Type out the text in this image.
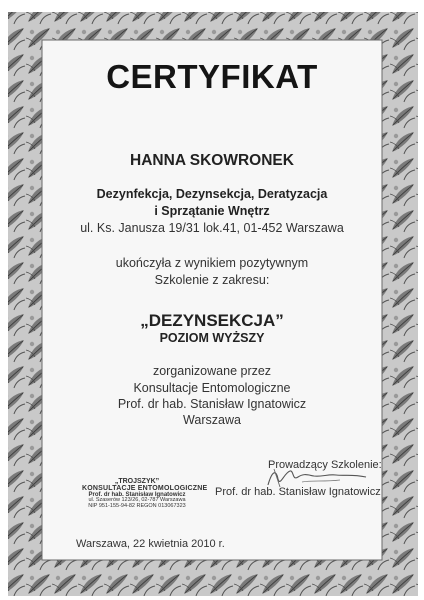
CERTYFIKAT
HANNA SKOWRONEK
Dezynfekcja, Dezynsekcja, Deratyzacja
i Sprzątanie Wnętrz
ul. Ks. Janusza 19/31 lok.41, 01-452 Warszawa
ukończyła z wynikiem pozytywnym
Szkolenie z zakresu:
„DEZYNSEKCJA”
POZIOM WYŻSZY
zorganizowane przez
Konsultacje Entomologiczne
Prof. dr hab. Stanisław Ignatowicz
Warszawa
Prowadzący Szkolenie:
Prof. dr hab. Stanisław Ignatowicz
„TROJSZYK”
KONSULTACJE ENTOMOLOGICZNE
Prof. dr hab. Stanisław Ignatowicz
ul. Szaserów 123/26, 02-787 Warszawa
NIP 951-155-94-82 REGON 013067323
Warszawa, 22 kwietnia 2010 r.
